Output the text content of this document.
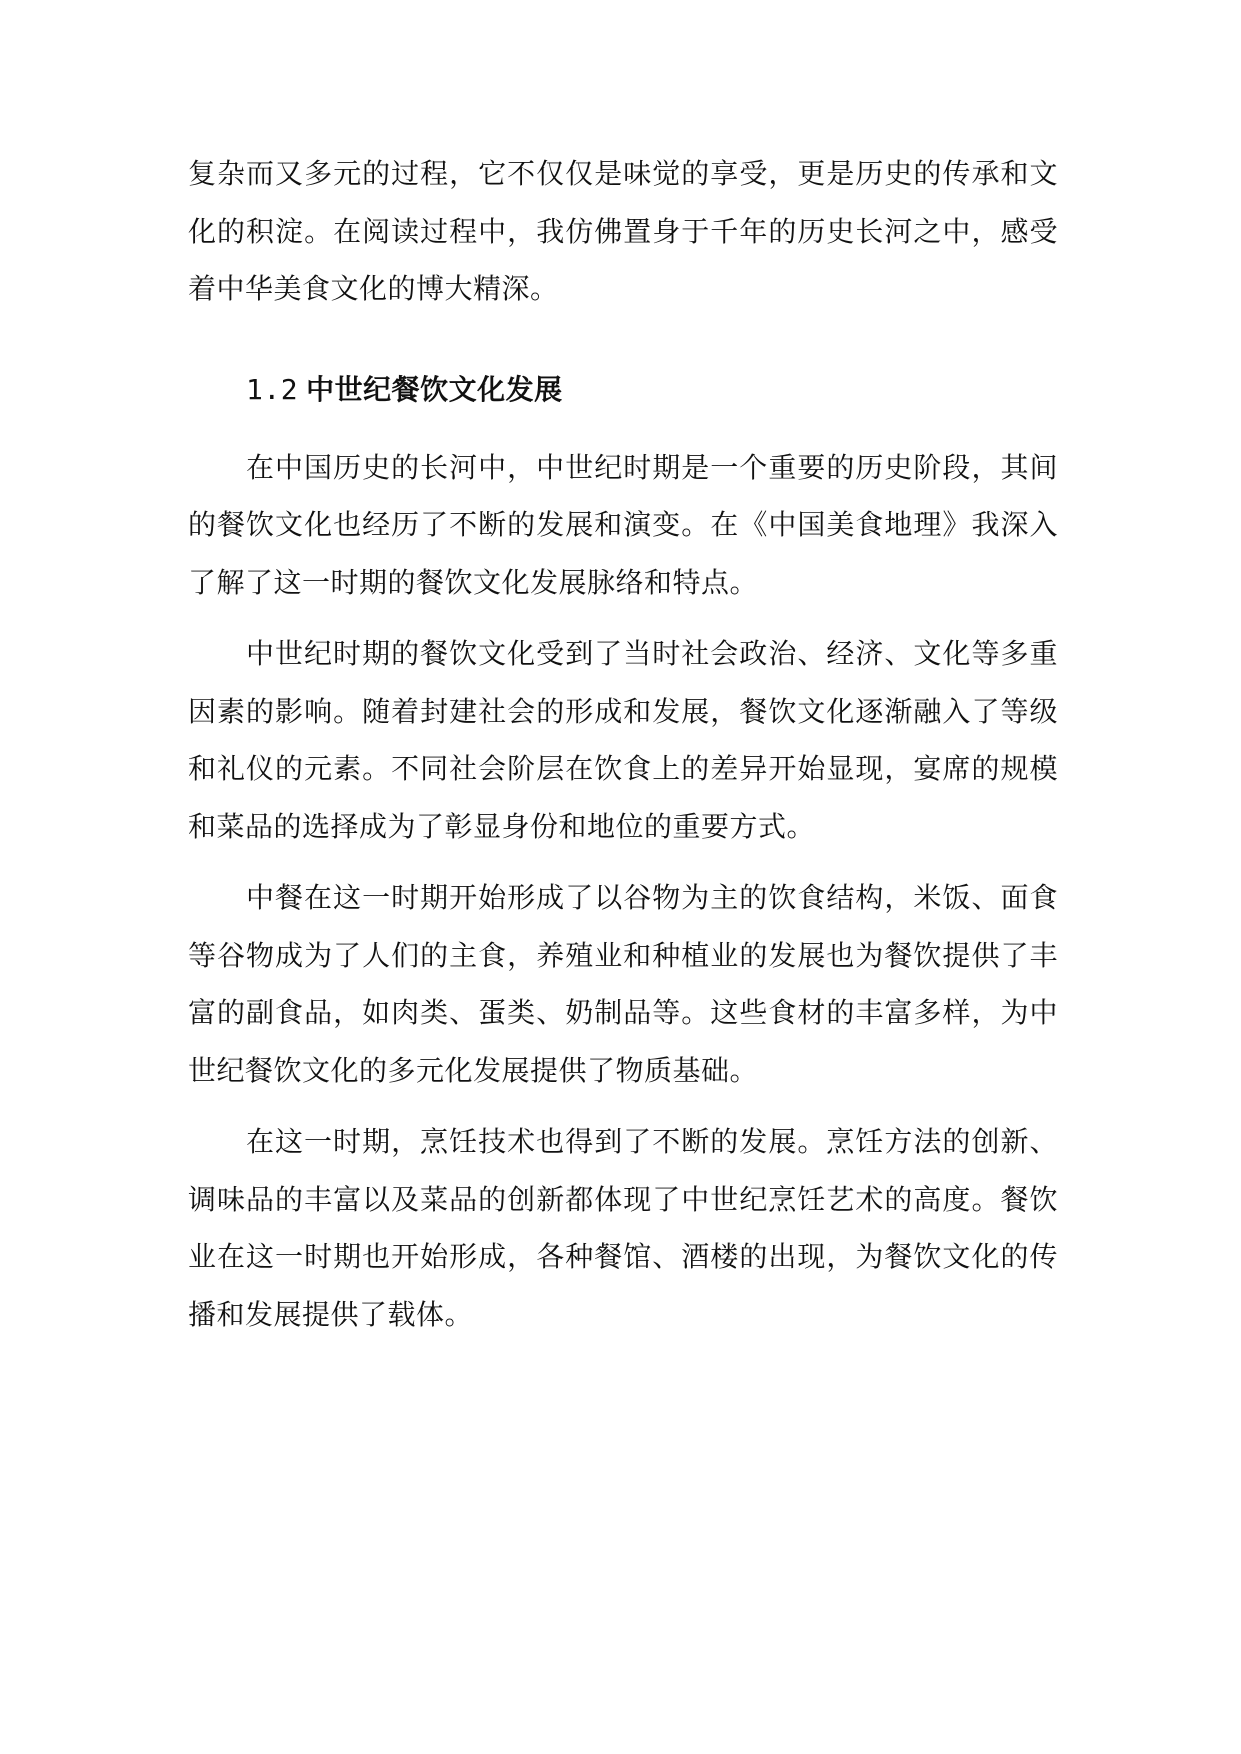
复杂而又多元的过程，它不仅仅是味觉的享受，更是历史的传承和文化的积淀。在阅读过程中，我仿佛置身于千年的历史长河之中，感受着中华美食文化的博大精深。

1.2 中世纪餐饮文化发展

在中国历史的长河中，中世纪时期是一个重要的历史阶段，其间的餐饮文化也经历了不断的发展和演变。在《中国美食地理》我深入了解了这一时期的餐饮文化发展脉络和特点。

中世纪时期的餐饮文化受到了当时社会政治、经济、文化等多重因素的影响。随着封建社会的形成和发展，餐饮文化逐渐融入了等级和礼仪的元素。不同社会阶层在饮食上的差异开始显现，宴席的规模和菜品的选择成为了彰显身份和地位的重要方式。

中餐在这一时期开始形成了以谷物为主的饮食结构，米饭、面食等谷物成为了人们的主食，养殖业和种植业的发展也为餐饮提供了丰富的副食品，如肉类、蛋类、奶制品等。这些食材的丰富多样，为中世纪餐饮文化的多元化发展提供了物质基础。

在这一时期，烹饪技术也得到了不断的发展。烹饪方法的创新、调味品的丰富以及菜品的创新都体现了中世纪烹饪艺术的高度。餐饮业在这一时期也开始形成，各种餐馆、酒楼的出现，为餐饮文化的传播和发展提供了载体。
